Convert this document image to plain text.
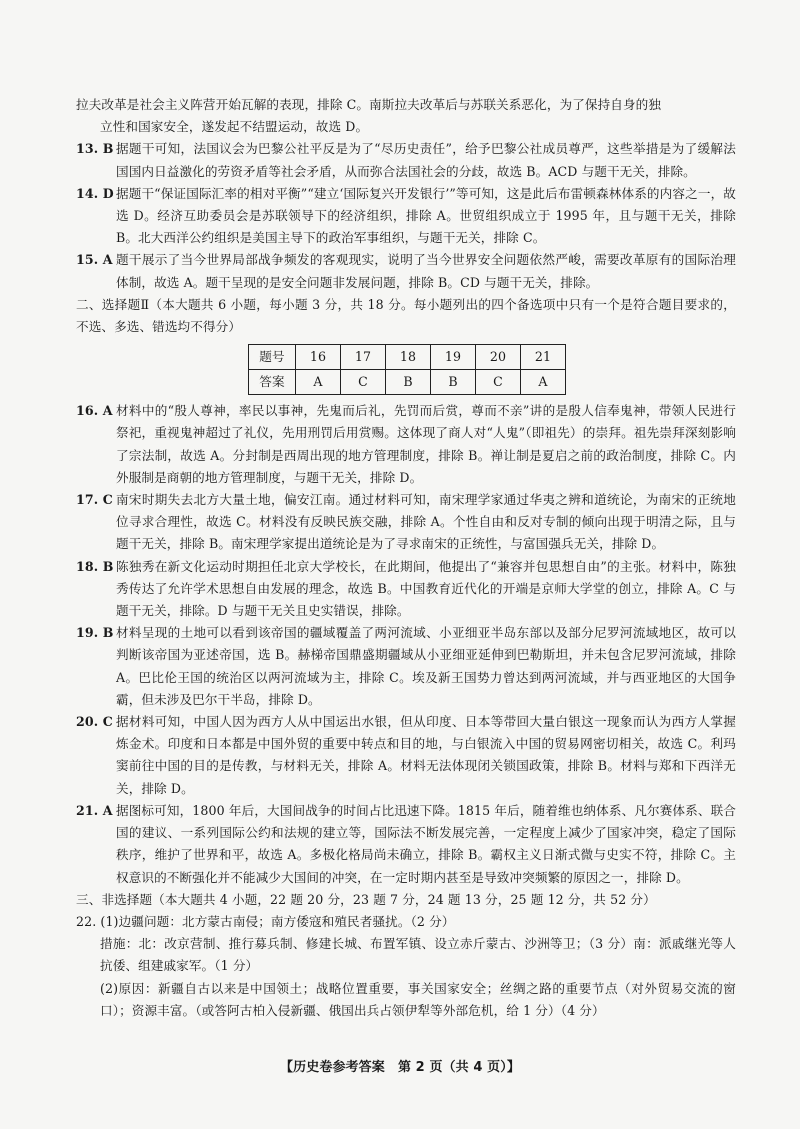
拉夫改革是社会主义阵营开始瓦解的表现，排除 C。南斯拉夫改革后与苏联关系恶化，为了保持自身的独

立性和国家安全，遂发起不结盟运动，故选 D。

13. B 据题干可知，法国议会为巴黎公社平反是为了“尽历史责任”，给予巴黎公社成员尊严，这些举措是为了缓解法国国内日益激化的劳资矛盾等社会矛盾，从而弥合法国社会的分歧，故选 B。ACD 与题干无关，排除。
14. D 据题干“保证国际汇率的相对平衡”“建立‘国际复兴开发银行’”等可知，这是此后布雷顿森林体系的内容之一，故选 D。经济互助委员会是苏联领导下的经济组织，排除 A。世贸组织成立于 1995 年，且与题干无关，排除 B。北大西洋公约组织是美国主导下的政治军事组织，与题干无关，排除 C。
15. A 题干展示了当今世界局部战争频发的客观现实，说明了当今世界安全问题依然严峻，需要改革原有的国际治理体制，故选 A。题干呈现的是安全问题非发展问题，排除 B。CD 与题干无关，排除。

二、选择题Ⅱ（本大题共 6 小题，每小题 3 分，共 18 分。每小题列出的四个备选项中只有一个是符合题目要求的，不选、多选、错选均不得分）

题号	16	17	18	19	20	21
答案	A	C	B	B	C	A
16. A 材料中的“殷人尊神，率民以事神，先鬼而后礼，先罚而后赏，尊而不亲”讲的是殷人信奉鬼神，带领人民进行祭祀，重视鬼神超过了礼仪，先用刑罚后用赏赐。这体现了商人对“人鬼”（即祖先）的崇拜。祖先崇拜深刻影响了宗法制，故选 A。分封制是西周出现的地方管理制度，排除 B。禅让制是夏启之前的政治制度，排除 C。内外服制是商朝的地方管理制度，与题干无关，排除 D。
17. C 南宋时期失去北方大量土地，偏安江南。通过材料可知，南宋理学家通过华夷之辨和道统论，为南宋的正统地位寻求合理性，故选 C。材料没有反映民族交融，排除 A。个性自由和反对专制的倾向出现于明清之际，且与题干无关，排除 B。南宋理学家提出道统论是为了寻求南宋的正统性，与富国强兵无关，排除 D。
18. B 陈独秀在新文化运动时期担任北京大学校长，在此期间，他提出了“兼容并包思想自由”的主张。材料中，陈独秀传达了允许学术思想自由发展的理念，故选 B。中国教育近代化的开端是京师大学堂的创立，排除 A。C 与题干无关，排除。D 与题干无关且史实错误，排除。
19. B 材料呈现的土地可以看到该帝国的疆域覆盖了两河流域、小亚细亚半岛东部以及部分尼罗河流域地区，故可以判断该帝国为亚述帝国，选 B。赫梯帝国鼎盛期疆域从小亚细亚延伸到巴勒斯坦，并未包含尼罗河流域，排除 A。巴比伦王国的统治区以两河流域为主，排除 C。埃及新王国势力曾达到两河流域，并与西亚地区的大国争霸，但未涉及巴尔干半岛，排除 D。
20. C 据材料可知，中国人因为西方人从中国运出水银，但从印度、日本等带回大量白银这一现象而认为西方人掌握炼金术。印度和日本都是中国外贸的重要中转点和目的地，与白银流入中国的贸易网密切相关，故选 C。利玛窦前往中国的目的是传教，与材料无关，排除 A。材料无法体现闭关锁国政策，排除 B。材料与郑和下西洋无关，排除 D。
21. A 据图标可知，1800 年后，大国间战争的时间占比迅速下降。1815 年后，随着维也纳体系、凡尔赛体系、联合国的建议、一系列国际公约和法规的建立等，国际法不断发展完善，一定程度上减少了国家冲突，稳定了国际秩序，维护了世界和平，故选 A。多极化格局尚未确立，排除 B。霸权主义日渐式微与史实不符，排除 C。主权意识的不断强化并不能减少大国间的冲突，在一定时期内甚至是导致冲突频繁的原因之一，排除 D。

三、非选择题（本大题共 4 小题，22 题 20 分，23 题 7 分，24 题 13 分，25 题 12 分，共 52 分）

22. (1)边疆问题：北方蒙古南侵；南方倭寇和殖民者骚扰。（2 分）

措施：北：改京营制、推行募兵制、修建长城、布置军镇、设立赤斤蒙古、沙洲等卫；（3 分）南：派戚继光等人抗倭、组建戚家军。（1 分）

(2)原因：新疆自古以来是中国领土；战略位置重要，事关国家安全；丝绸之路的重要节点（对外贸易交流的窗口）；资源丰富。（或答阿古柏入侵新疆、俄国出兵占领伊犁等外部危机，给 1 分）（4 分）

【历史卷参考答案　第 2 页（共 4 页）】
